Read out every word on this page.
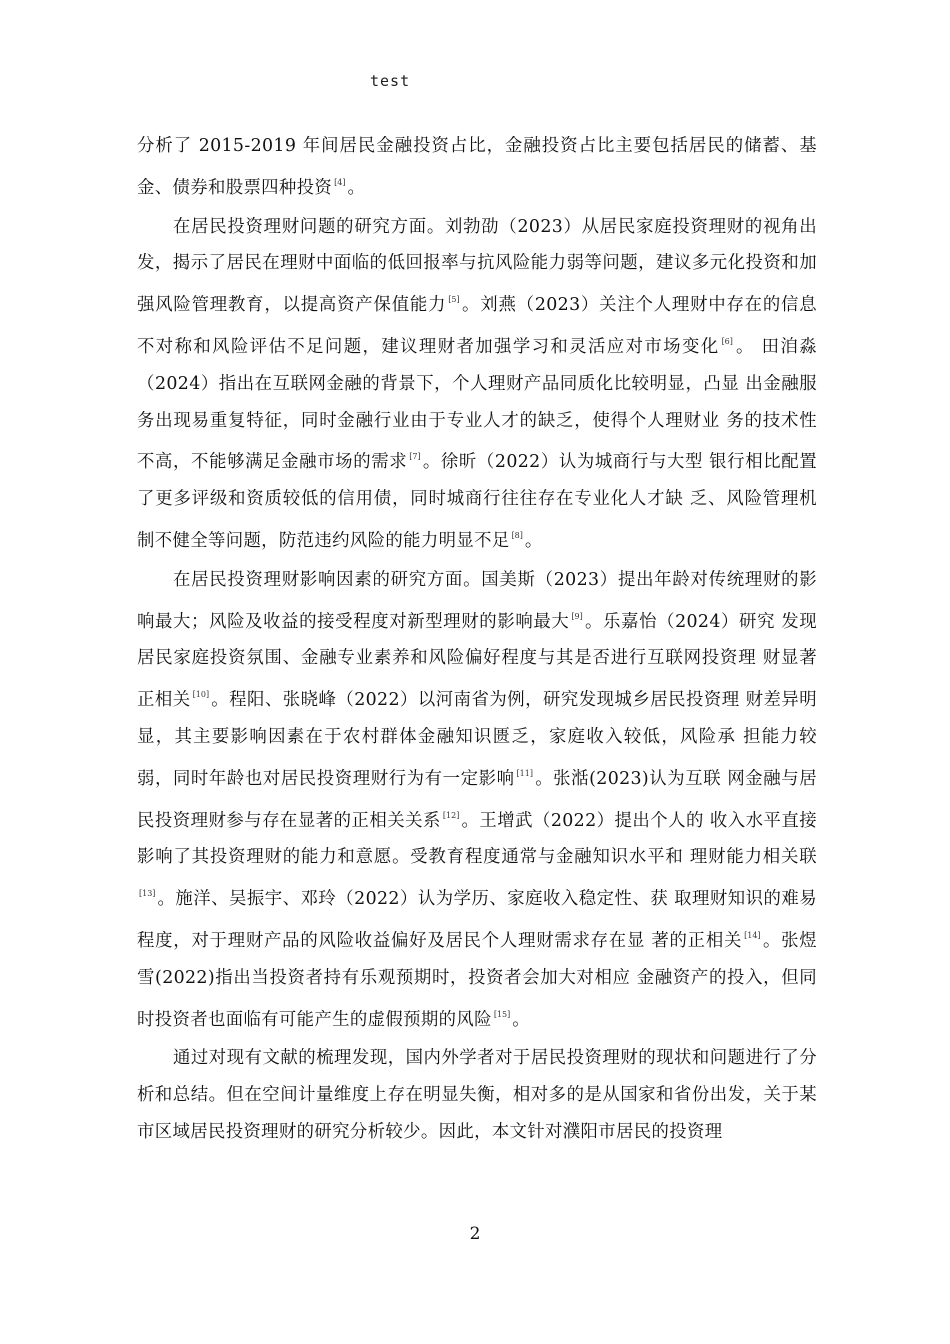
test

分析了 2015-2019 年间居民金融投资占比，金融投资占比主要包括居民的储蓄、基 金、债券和股票四种投资 [4] 。

在居民投资理财问题的研究方面。刘勃劭（2023）从居民家庭投资理财的视角出发，揭示了居民在理财中面临的低回报率与抗风险能力弱等问题，建议多元化投资和加强风险管理教育，以提高资产保值能力 [5] 。刘燕（2023）关注个人理财中存在的信息不对称和风险评估不足问题，建议理财者加强学习和灵活应对市场变化 [6] 。 田洎淼（2024）指出在互联网金融的背景下，个人理财产品同质化比较明显，凸显 出金融服务出现易重复特征，同时金融行业由于专业人才的缺乏，使得个人理财业 务的技术性不高，不能够满足金融市场的需求 [7] 。徐昕（2022）认为城商行与大型 银行相比配置了更多评级和资质较低的信用债，同时城商行往往存在专业化人才缺 乏、风险管理机制不健全等问题，防范违约风险的能力明显不足 [8] 。

在居民投资理财影响因素的研究方面。国美斯（2023）提出年龄对传统理财的影响最大；风险及收益的接受程度对新型理财的影响最大 [9] 。乐嘉怡（2024）研究 发现居民家庭投资氛围、金融专业素养和风险偏好程度与其是否进行互联网投资理 财显著正相关 [10] 。程阳、张晓峰（2022）以河南省为例，研究发现城乡居民投资理 财差异明显，其主要影响因素在于农村群体金融知识匮乏，家庭收入较低，风险承 担能力较弱，同时年龄也对居民投资理财行为有一定影响 [11] 。张湉(2023)认为互联 网金融与居民投资理财参与存在显著的正相关关系 [12] 。王增武（2022）提出个人的 收入水平直接影响了其投资理财的能力和意愿。受教育程度通常与金融知识水平和 理财能力相关联[13] 。施洋、吴振宇、邓玲（2022）认为学历、家庭收入稳定性、获 取理财知识的难易程度，对于理财产品的风险收益偏好及居民个人理财需求存在显 著的正相关 [14] 。张煜雪(2022)指出当投资者持有乐观预期时，投资者会加大对相应 金融资产的投入，但同时投资者也面临有可能产生的虚假预期的风险 [15] 。

通过对现有文献的梳理发现，国内外学者对于居民投资理财的现状和问题进行了分析和总结。但在空间计量维度上存在明显失衡，相对多的是从国家和省份出发，关于某市区域居民投资理财的研究分析较少。因此，本文针对濮阳市居民的投资理

2
